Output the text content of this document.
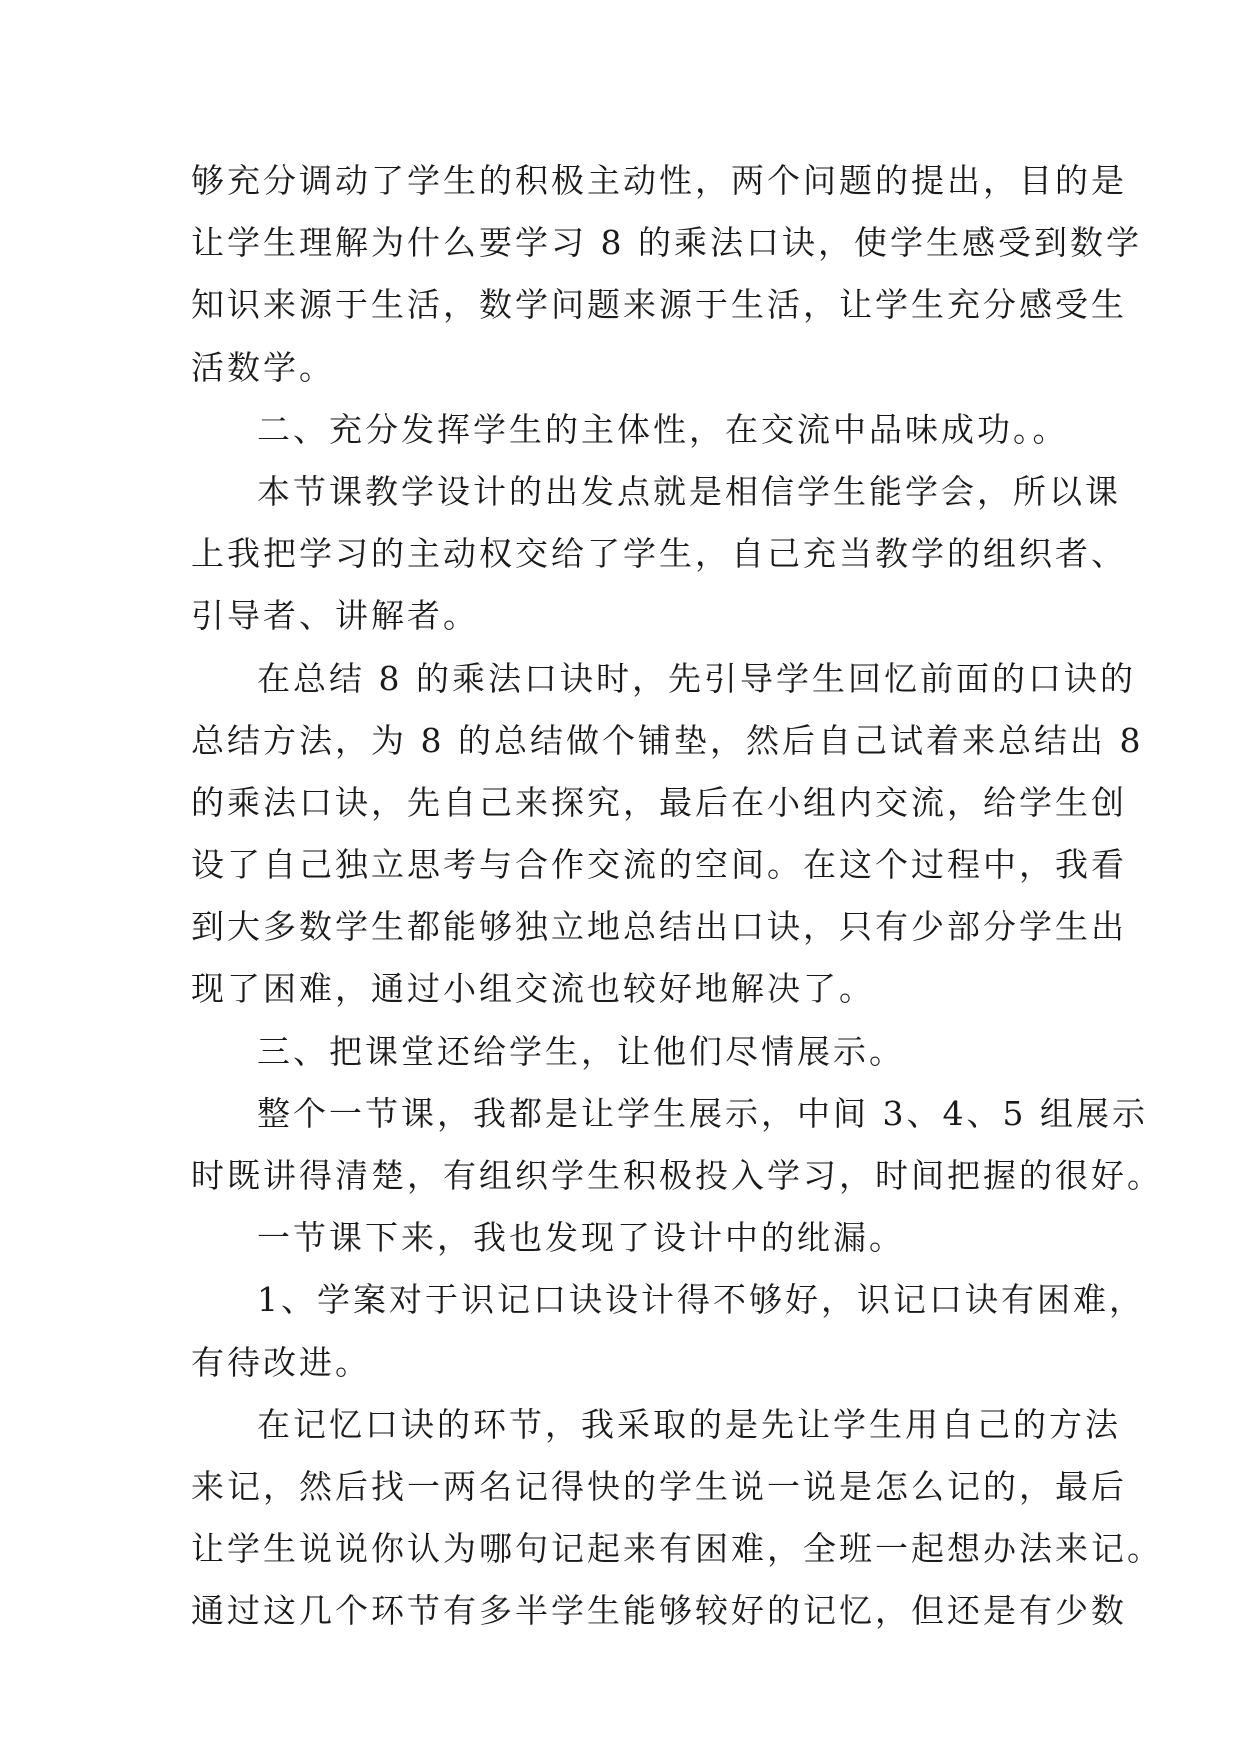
够充分调动了学生的积极主动性，两个问题的提出，目的是
让学生理解为什么要学习 8 的乘法口诀，使学生感受到数学
知识来源于生活，数学问题来源于生活，让学生充分感受生
活数学。
二、充分发挥学生的主体性，在交流中品味成功。。
本节课教学设计的出发点就是相信学生能学会，所以课
上我把学习的主动权交给了学生，自己充当教学的组织者、
引导者、讲解者。
在总结 8 的乘法口诀时，先引导学生回忆前面的口诀的
总结方法，为 8 的总结做个铺垫，然后自己试着来总结出 8
的乘法口诀，先自己来探究，最后在小组内交流，给学生创
设了自己独立思考与合作交流的空间。在这个过程中，我看
到大多数学生都能够独立地总结出口诀，只有少部分学生出
现了困难，通过小组交流也较好地解决了。
三、把课堂还给学生，让他们尽情展示。
整个一节课，我都是让学生展示，中间 3、4、5 组展示
时既讲得清楚，有组织学生积极投入学习，时间把握的很好。
一节课下来，我也发现了设计中的纰漏。
1、学案对于识记口诀设计得不够好，识记口诀有困难，
有待改进。
在记忆口诀的环节，我采取的是先让学生用自己的方法
来记，然后找一两名记得快的学生说一说是怎么记的，最后
让学生说说你认为哪句记起来有困难，全班一起想办法来记。
通过这几个环节有多半学生能够较好的记忆，但还是有少数
